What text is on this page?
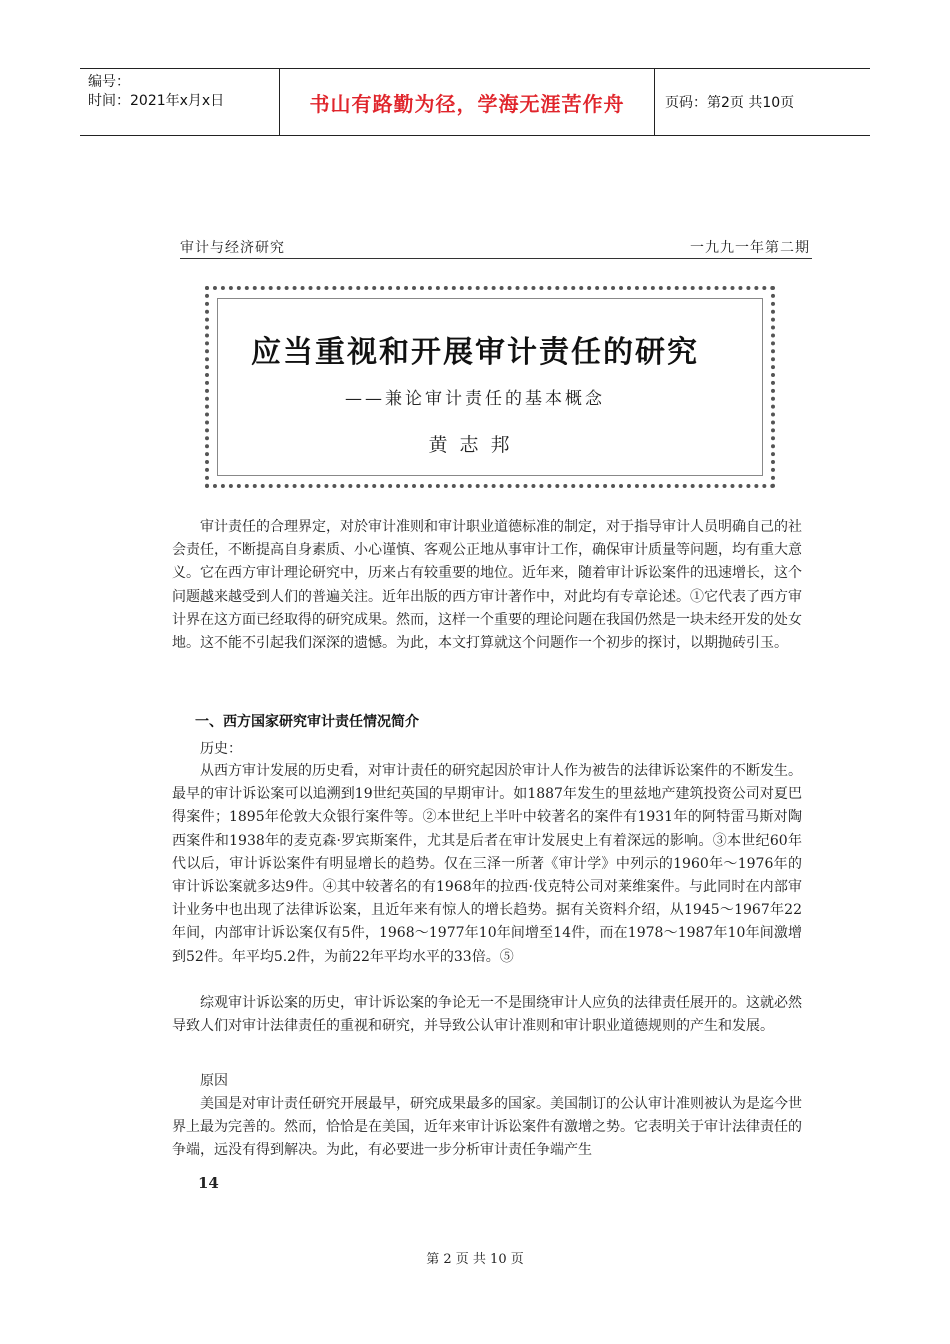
编号：
时间：2021年x月x日	书山有路勤为径，学海无涯苦作舟	页码：第2页 共10页
审计与经济研究	一九九一年第二期
应当重视和开展审计责任的研究
——兼论审计责任的基本概念
黄志邦

审计责任的合理界定，对於审计准则和审计职业道德标准的制定，对于指导审计人员明确自己的社会责任，不断提高自身素质、小心谨慎、客观公正地从事审计工作，确保审计质量等问题，均有重大意义。它在西方审计理论研究中，历来占有较重要的地位。近年来，随着审计诉讼案件的迅速增长，这个问题越来越受到人们的普遍关注。近年出版的西方审计著作中，对此均有专章论述。①它代表了西方审计界在这方面已经取得的研究成果。然而，这样一个重要的理论问题在我国仍然是一块未经开发的处女地。这不能不引起我们深深的遗憾。为此，本文打算就这个问题作一个初步的探讨，以期抛砖引玉。

一、西方国家研究审计责任情况简介
历史：

从西方审计发展的历史看，对审计责任的研究起因於审计人作为被告的法律诉讼案件的不断发生。最早的审计诉讼案可以追溯到19世纪英国的早期审计。如1887年发生的里兹地产建筑投资公司对夏巴得案件；1895年伦敦大众银行案件等。②本世纪上半叶中较著名的案件有1931年的阿特雷马斯对陶西案件和1938年的麦克森·罗宾斯案件，尤其是后者在审计发展史上有着深远的影响。③本世纪60年代以后，审计诉讼案件有明显增长的趋势。仅在三泽一所著《审计学》中列示的1960年～1976年的审计诉讼案就多达9件。④其中较著名的有1968年的拉西·伐克特公司对莱维案件。与此同时在内部审计业务中也出现了法律诉讼案，且近年来有惊人的增长趋势。据有关资料介绍，从1945～1967年22年间，内部审计诉讼案仅有5件，1968～1977年10年间增至14件，而在1978～1987年10年间激增到52件。年平均5.2件，为前22年平均水平的33倍。⑤

综观审计诉讼案的历史，审计诉讼案的争论无一不是围绕审计人应负的法律责任展开的。这就必然导致人们对审计法律责任的重视和研究，并导致公认审计准则和审计职业道德规则的产生和发展。

原因

美国是对审计责任研究开展最早，研究成果最多的国家。美国制订的公认审计准则被认为是迄今世界上最为完善的。然而，恰恰是在美国，近年来审计诉讼案件有激增之势。它表明关于审计法律责任的争端，远没有得到解决。为此，有必要进一步分析审计责任争端产生

14
第 2 页 共 10 页
